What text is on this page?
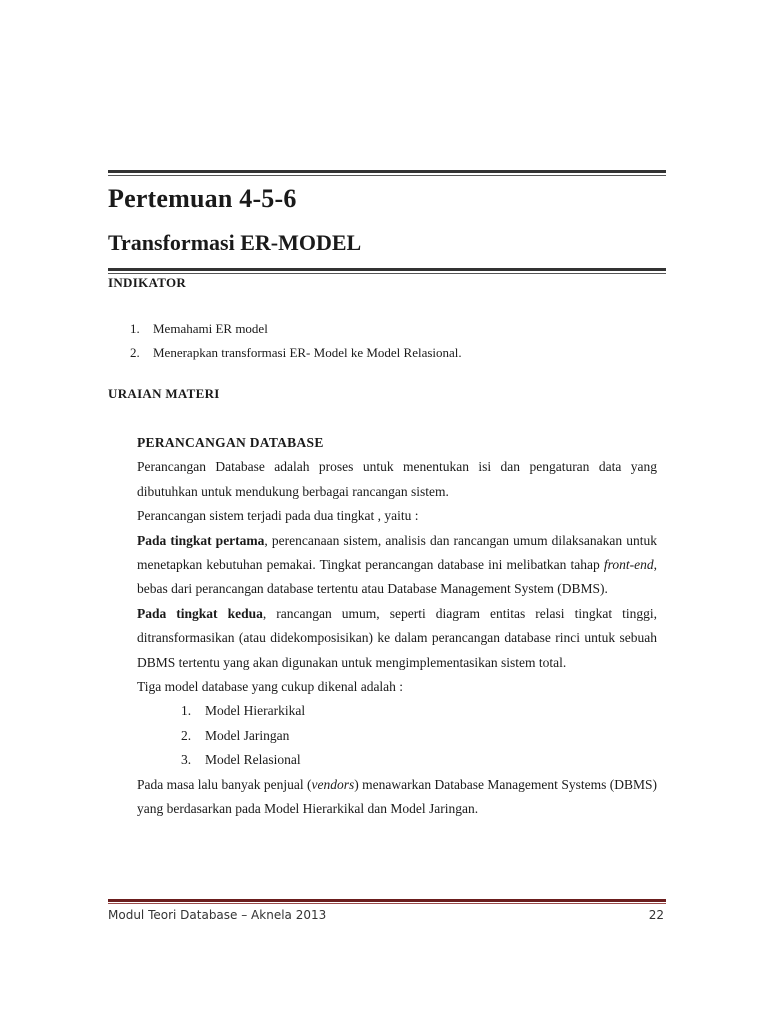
Pertemuan 4-5-6
Transformasi ER-MODEL
INDIKATOR
1.	Memahami ER model
2.	Menerapkan transformasi ER- Model ke Model Relasional.
URAIAN MATERI

PERANCANGAN DATABASE

Perancangan Database adalah proses untuk menentukan isi dan pengaturan data yang dibutuhkan untuk mendukung berbagai rancangan sistem.

Perancangan sistem terjadi pada dua tingkat , yaitu :

Pada tingkat pertama, perencanaan sistem, analisis dan rancangan umum dilaksanakan untuk menetapkan kebutuhan pemakai. Tingkat perancangan database ini melibatkan tahap front-end, bebas dari perancangan database tertentu atau Database Management System (DBMS).

Pada tingkat kedua, rancangan umum, seperti diagram entitas relasi tingkat tinggi, ditransformasikan (atau didekomposisikan) ke dalam perancangan database rinci untuk sebuah DBMS tertentu yang akan digunakan untuk mengimplementasikan sistem total.

Tiga model database yang cukup dikenal adalah :

1.	Model Hierarkikal
2.	Model Jaringan
3.	Model Relasional

Pada masa lalu banyak penjual (vendors) menawarkan Database Management Systems (DBMS) yang berdasarkan pada Model Hierarkikal dan Model Jaringan.

Modul Teori Database – Aknela 2013	22
